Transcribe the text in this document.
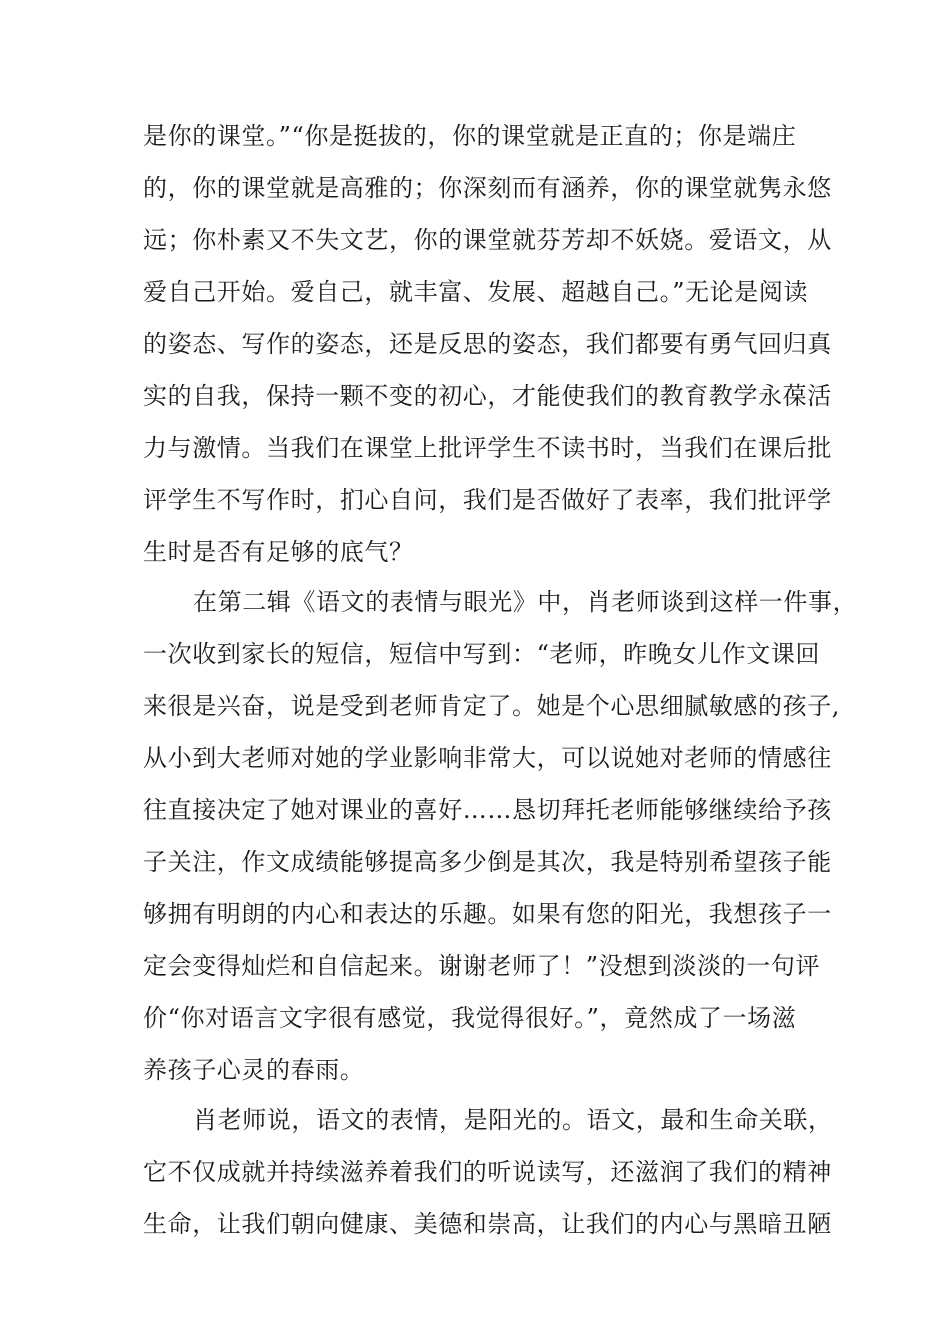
是你的课堂。”“你是挺拔的，你的课堂就是正直的；你是端庄
的，你的课堂就是高雅的；你深刻而有涵养，你的课堂就隽永悠
远；你朴素又不失文艺，你的课堂就芬芳却不妖娆。爱语文，从
爱自己开始。爱自己，就丰富、发展、超越自己。”无论是阅读
的姿态、写作的姿态，还是反思的姿态，我们都要有勇气回归真
实的自我，保持一颗不变的初心，才能使我们的教育教学永葆活
力与激情。当我们在课堂上批评学生不读书时，当我们在课后批
评学生不写作时，扪心自问，我们是否做好了表率，我们批评学
生时是否有足够的底气？
在第二辑《语文的表情与眼光》中，肖老师谈到这样一件事，
一次收到家长的短信，短信中写到：“老师，昨晚女儿作文课回
来很是兴奋，说是受到老师肯定了。她是个心思细腻敏感的孩子,
从小到大老师对她的学业影响非常大，可以说她对老师的情感往
往直接决定了她对课业的喜好……恳切拜托老师能够继续给予孩
子关注，作文成绩能够提高多少倒是其次，我是特别希望孩子能
够拥有明朗的内心和表达的乐趣。如果有您的阳光，我想孩子一
定会变得灿烂和自信起来。谢谢老师了！”没想到淡淡的一句评
价“你对语言文字很有感觉，我觉得很好。”，竟然成了一场滋
养孩子心灵的春雨。
肖老师说，语文的表情，是阳光的。语文，最和生命关联，
它不仅成就并持续滋养着我们的听说读写，还滋润了我们的精神
生命，让我们朝向健康、美德和崇高，让我们的内心与黑暗丑陋
